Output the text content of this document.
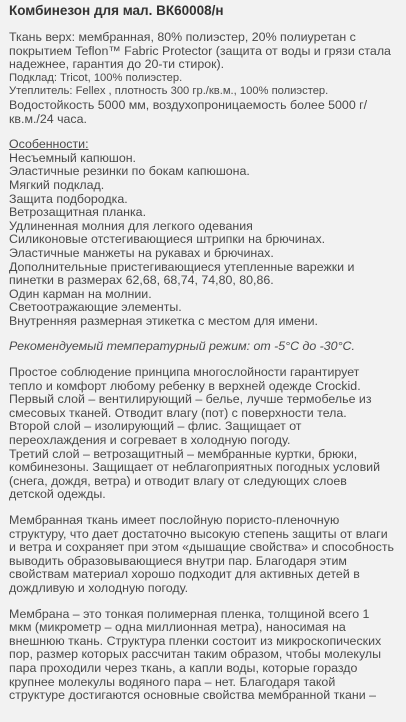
Комбинезон для мал. ВК60008/н

Ткань верх: мембранная, 80% полиэстер, 20% полиуретан с

покрытием Teflon™ Fabric Protector (защита от воды и грязи стала

надежнее, гарантия до 20-ти стирок).

Подклад: Tricot, 100% полиэстер.

Утеплитель: Fellex , плотность 300 гр./кв.м., 100% полиэстер.

Водостойкость 5000 мм, воздухопроницаемость более 5000 г/

кв.м./24 часа.

Особенности:

Несъемный капюшон.

Эластичные резинки по бокам капюшона.

Мягкий подклад.

Защита подбородка.

Ветрозащитная планка.

Удлиненная молния для легкого одевания

Силиконовые отстегивающиеся штрипки на брючинах.

Эластичные манжеты на рукавах и брючинах.

Дополнительные пристегивающиеся утепленные варежки и

пинетки в размерах 62,68, 68,74, 74,80, 80,86.

Один карман на молнии.

Светоотражающие элементы.

Внутренняя размерная этикетка с местом для имени.

Рекомендуемый температурный режим: от -5°С до -30°С.

Простое соблюдение принципа многослойности гарантирует

тепло и комфорт любому ребенку в верхней одежде Crockid.

Первый слой – вентилирующий – белье, лучше термобелье из

смесовых тканей. Отводит влагу (пот) с поверхности тела.

Второй слой – изолирующий – флис. Защищает от

переохлаждения и согревает в холодную погоду.

Третий слой – ветрозащитный – мембранные куртки, брюки,

комбинезоны. Защищает от неблагоприятных погодных условий

(снега, дождя, ветра) и отводит влагу от следующих слоев

детской одежды.

Мембранная ткань имеет послойную пористо-пленочную

структуру, что дает достаточно высокую степень защиты от влаги

и ветра и сохраняет при этом «дышащие свойства» и способность

выводить образовывающиеся внутри пар. Благодаря этим

свойствам материал хорошо подходит для активных детей в

дождливую и холодную погоду.

Мембрана – это тонкая полимерная пленка, толщиной всего 1

мкм (микрометр – одна миллионная метра), наносимая на

внешнюю ткань. Структура пленки состоит из микроскопических

пор, размер которых рассчитан таким образом, чтобы молекулы

пара проходили через ткань, а капли воды, которые гораздо

крупнее молекулы водяного пара – нет. Благодаря такой

структуре достигаются основные свойства мембранной ткани –
